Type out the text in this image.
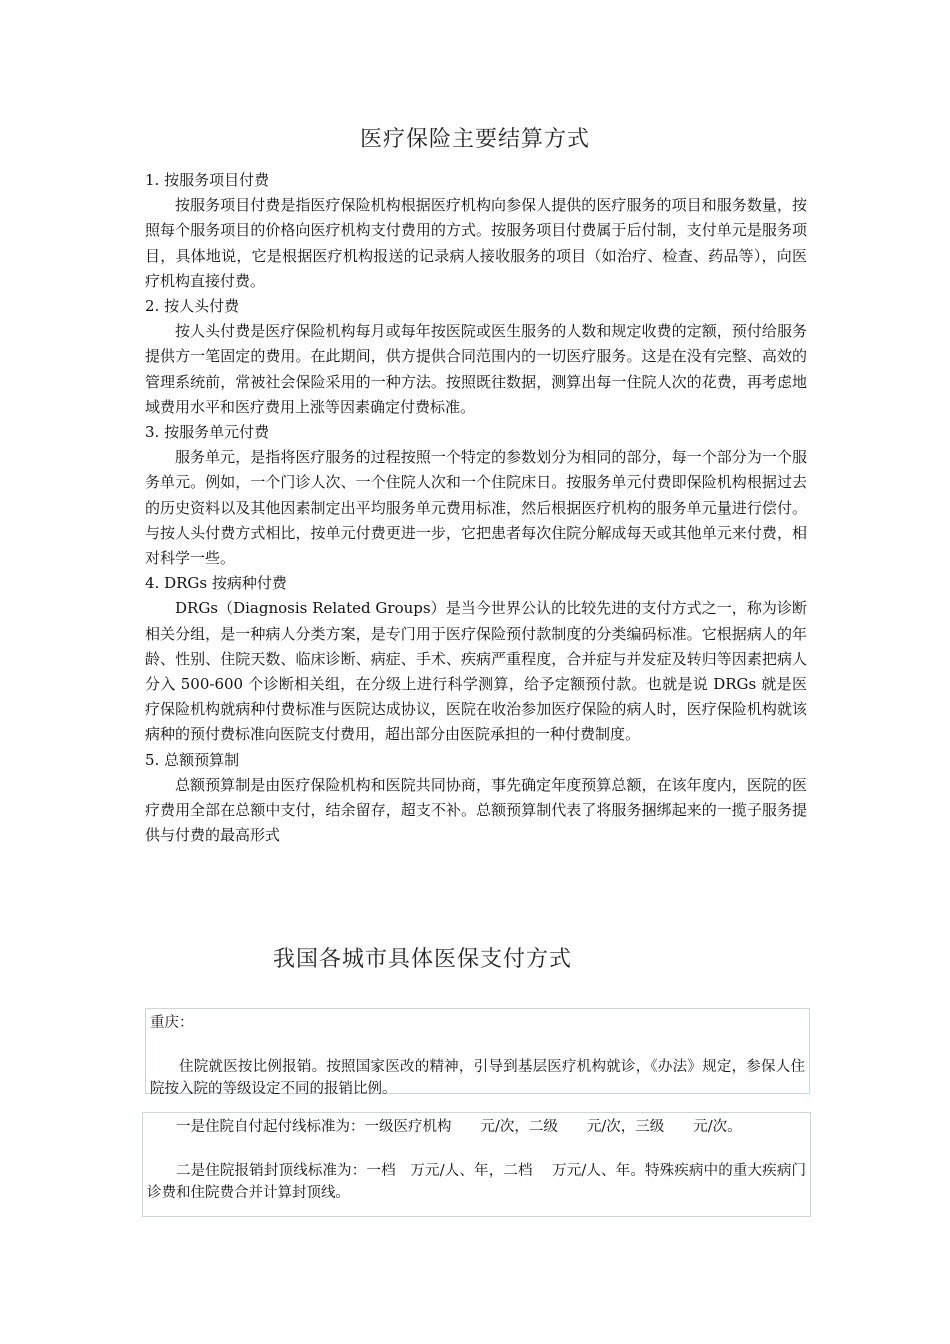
医疗保险主要结算方式

1. 按服务项目付费

按服务项目付费是指医疗保险机构根据医疗机构向参保人提供的医疗服务的项目和服务数量，按照每个服务项目的价格向医疗机构支付费用的方式。按服务项目付费属于后付制，支付单元是服务项目，具体地说，它是根据医疗机构报送的记录病人接收服务的项目（如治疗、检查、药品等），向医疗机构直接付费。

2. 按人头付费

按人头付费是医疗保险机构每月或每年按医院或医生服务的人数和规定收费的定额，预付给服务提供方一笔固定的费用。在此期间，供方提供合同范围内的一切医疗服务。这是在没有完整、高效的管理系统前，常被社会保险采用的一种方法。按照既往数据，测算出每一住院人次的花费，再考虑地域费用水平和医疗费用上涨等因素确定付费标准。

3. 按服务单元付费

服务单元，是指将医疗服务的过程按照一个特定的参数划分为相同的部分，每一个部分为一个服务单元。例如，一个门诊人次、一个住院人次和一个住院床日。按服务单元付费即保险机构根据过去的历史资料以及其他因素制定出平均服务单元费用标准，然后根据医疗机构的服务单元量进行偿付。与按人头付费方式相比，按单元付费更进一步，它把患者每次住院分解成每天或其他单元来付费，相对科学一些。

4. DRGs 按病种付费

DRGs（Diagnosis Related Groups）是当今世界公认的比较先进的支付方式之一，称为诊断相关分组，是一种病人分类方案，是专门用于医疗保险预付款制度的分类编码标准。它根据病人的年龄、性别、住院天数、临床诊断、病症、手术、疾病严重程度，合并症与并发症及转归等因素把病人分入 500-600 个诊断相关组，在分级上进行科学测算，给予定额预付款。也就是说 DRGs 就是医疗保险机构就病种付费标准与医院达成协议，医院在收治参加医疗保险的病人时，医疗保险机构就该病种的预付费标准向医院支付费用，超出部分由医院承担的一种付费制度。

5. 总额预算制

总额预算制是由医疗保险机构和医院共同协商，事先确定年度预算总额，在该年度内，医院的医疗费用全部在总额中支付，结余留存，超支不补。总额预算制代表了将服务捆绑起来的一揽子服务提供与付费的最高形式

我国各城市具体医保支付方式

重庆：

住院就医按比例报销。按照国家医改的精神，引导到基层医疗机构就诊，《办法》规定，参保人住院按入院的等级设定不同的报销比例。

一是住院自付起付线标准为：一级医疗机构　　元/次，二级　　元/次，三级　　元/次。

二是住院报销封顶线标准为：一档　万元/人、年，二档　 万元/人、年。特殊疾病中的重大疾病门诊费和住院费合并计算封顶线。
